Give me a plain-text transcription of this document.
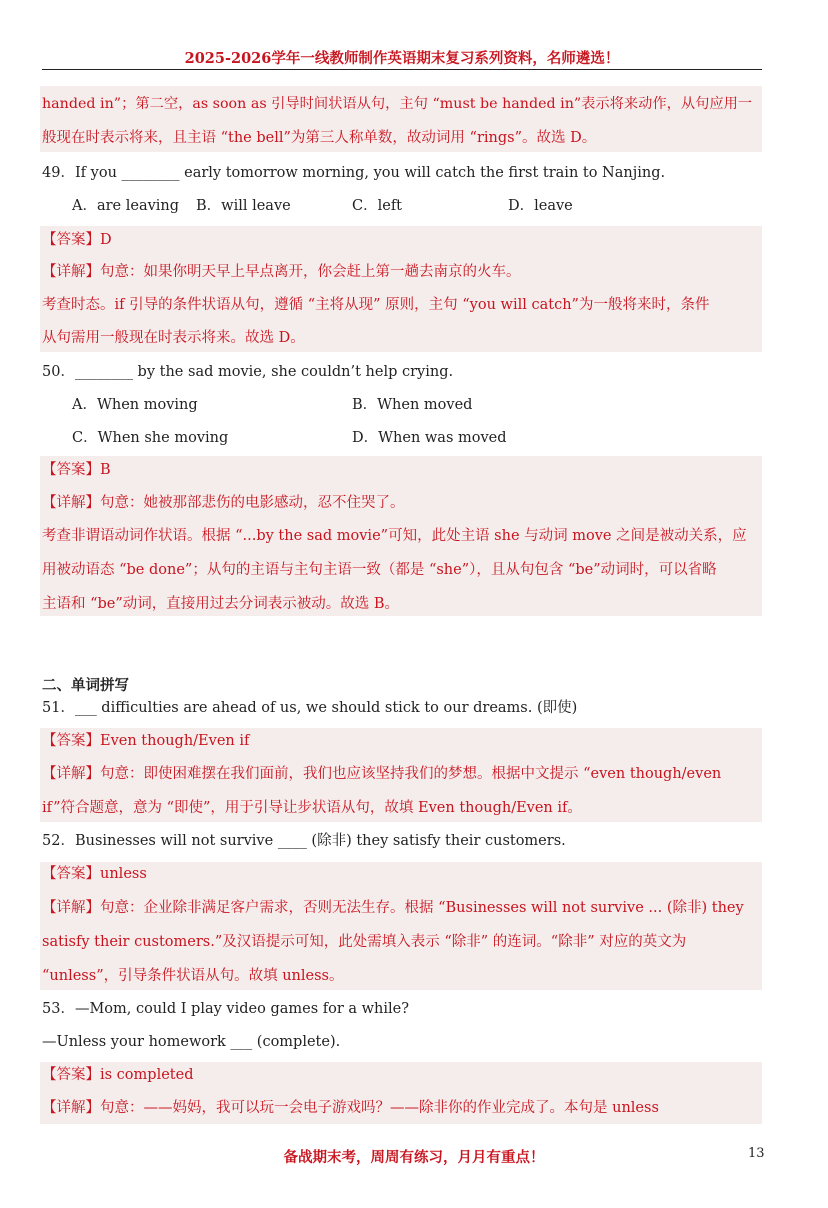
2025-2026学年一线教师制作英语期末复习系列资料，名师遴选！
handed in”；第二空，as soon as 引导时间状语从句，主句 “must be handed in”表示将来动作，从句应用一
般现在时表示将来，且主语 “the bell”为第三人称单数，故动词用 “rings”。故选 D。
49．If you ________ early tomorrow morning, you will catch the first train to Nanjing.
A．are leaving B．will leave	C．left	D．leave
【答案】D
【详解】句意：如果你明天早上早点离开，你会赶上第一趟去南京的火车。
考查时态。if 引导的条件状语从句，遵循 “主将从现” 原则，主句 “you will catch”为一般将来时，条件
从句需用一般现在时表示将来。故选 D。
50．________ by the sad movie, she couldn’t help crying.
A．When moving	B．When moved
C．When she moving	D．When was moved
【答案】B
【详解】句意：她被那部悲伤的电影感动，忍不住哭了。
考查非谓语动词作状语。根据 “...by the sad movie”可知，此处主语 she 与动词 move 之间是被动关系，应
用被动语态 “be done”；从句的主语与主句主语一致（都是 “she”），且从句包含 “be”动词时，可以省略
主语和 “be”动词，直接用过去分词表示被动。故选 B。
二、单词拼写
51．___ difficulties are ahead of us, we should stick to our dreams. (即使)
【答案】Even though/Even if
【详解】句意：即使困难摆在我们面前，我们也应该坚持我们的梦想。根据中文提示 “even though/even
if”符合题意，意为 “即使”，用于引导让步状语从句，故填 Even though/Even if。
52．Businesses will not survive ____ (除非) they satisfy their customers.
【答案】unless
【详解】句意：企业除非满足客户需求，否则无法生存。根据 “Businesses will not survive ... (除非) they
satisfy their customers.”及汉语提示可知，此处需填入表示 “除非” 的连词。“除非” 对应的英文为
“unless”，引导条件状语从句。故填 unless。
53．—Mom, could I play video games for a while?
—Unless your homework ___ (complete).
【答案】is completed
【详解】句意：——妈妈，我可以玩一会电子游戏吗？——除非你的作业完成了。本句是 unless
备战期末考，周周有练习，月月有重点！	13
